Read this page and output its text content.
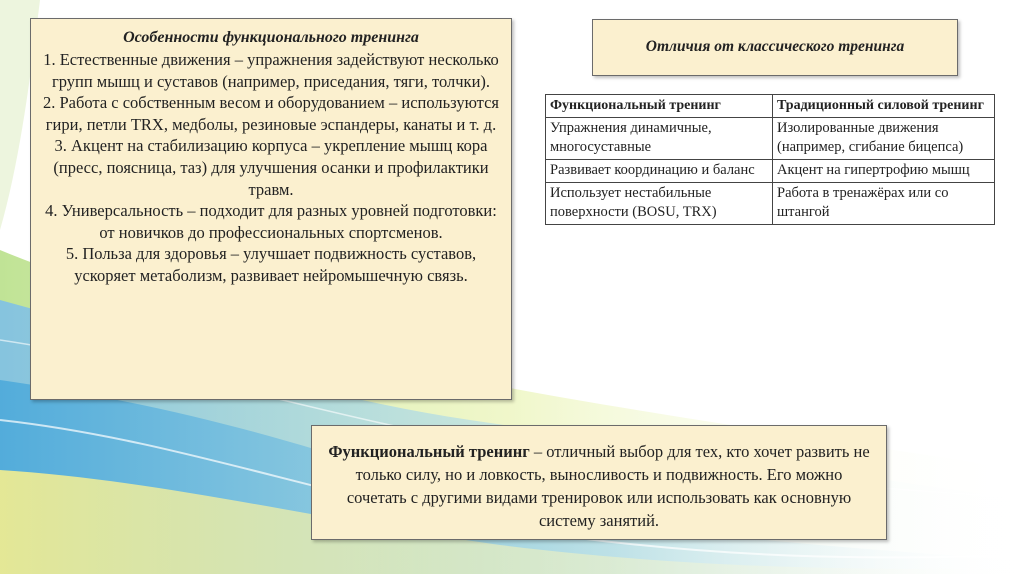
Особенности функционального тренинга
1. Естественные движения – упражнения задействуют несколько групп мышц и суставов (например, приседания, тяги, толчки).
2. Работа с собственным весом и оборудованием – используются гири, петли TRX, медболы, резиновые эспандеры, канаты и т. д.
3. Акцент на стабилизацию корпуса – укрепление мышц кора (пресс, поясница, таз) для улучшения осанки и профилактики травм.
4. Универсальность – подходит для разных уровней подготовки: от новичков до профессиональных спортсменов.
5. Польза для здоровья – улучшает подвижность суставов, ускоряет метаболизм, развивает нейромышечную связь.
Отличия от классического тренинга
Функциональный тренинг	Традиционный силовой тренинг
Упражнения динамичные, многосуставные	Изолированные движения (например, сгибание бицепса)
Развивает координацию и баланс	Акцент на гипертрофию мышц
Использует нестабильные поверхности (BOSU, TRX)	Работа в тренажёрах или со штангой

Функциональный тренинг – отличный выбор для тех, кто хочет развить не только силу, но и ловкость, выносливость и подвижность. Его можно сочетать с другими видами тренировок или использовать как основную систему занятий.
